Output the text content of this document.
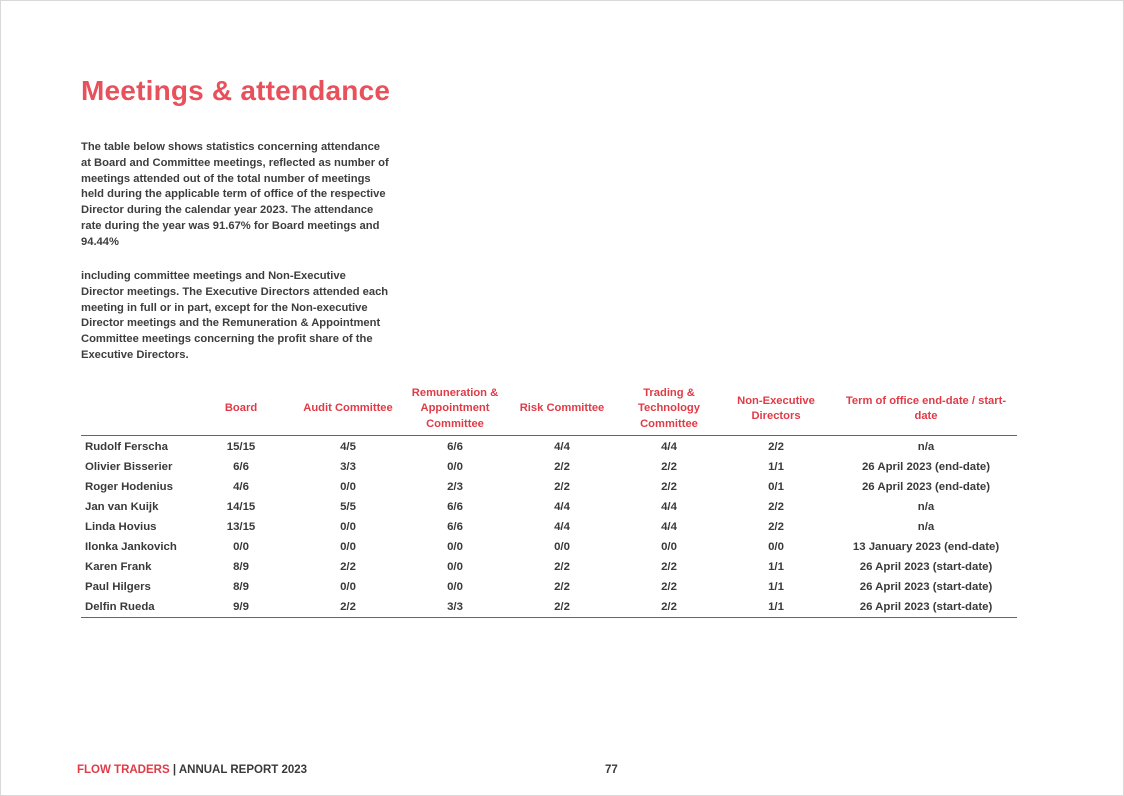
Meetings & attendance

The table below shows statistics concerning attendance at Board and Committee meetings, reflected as number of meetings attended out of the total number of meetings held during the applicable term of office of the respective Director during the calendar year 2023. The attendance rate during the year was 91.67% for Board meetings and 94.44%

including committee meetings and Non-Executive Director meetings. The Executive Directors attended each meeting in full or in part, except for the Non-executive Director meetings and the Remuneration & Appointment Committee meetings concerning the profit share of the Executive Directors.

	Board	Audit Committee	Remuneration & Appointment Committee	Risk Committee	Trading & Technology Committee	Non-Executive Directors	Term of office end-date / start-date
Rudolf Ferscha	15/15	4/5	6/6	4/4	4/4	2/2	n/a
Olivier Bisserier	6/6	3/3	0/0	2/2	2/2	1/1	26 April 2023 (end-date)
Roger Hodenius	4/6	0/0	2/3	2/2	2/2	0/1	26 April 2023 (end-date)
Jan van Kuijk	14/15	5/5	6/6	4/4	4/4	2/2	n/a
Linda Hovius	13/15	0/0	6/6	4/4	4/4	2/2	n/a
Ilonka Jankovich	0/0	0/0	0/0	0/0	0/0	0/0	13 January 2023 (end-date)
Karen Frank	8/9	2/2	0/0	2/2	2/2	1/1	26 April 2023 (start-date)
Paul Hilgers	8/9	0/0	0/0	2/2	2/2	1/1	26 April 2023 (start-date)
Delfin Rueda	9/9	2/2	3/3	2/2	2/2	1/1	26 April 2023 (start-date)
FLOW TRADERS | ANNUAL REPORT 2023	77
